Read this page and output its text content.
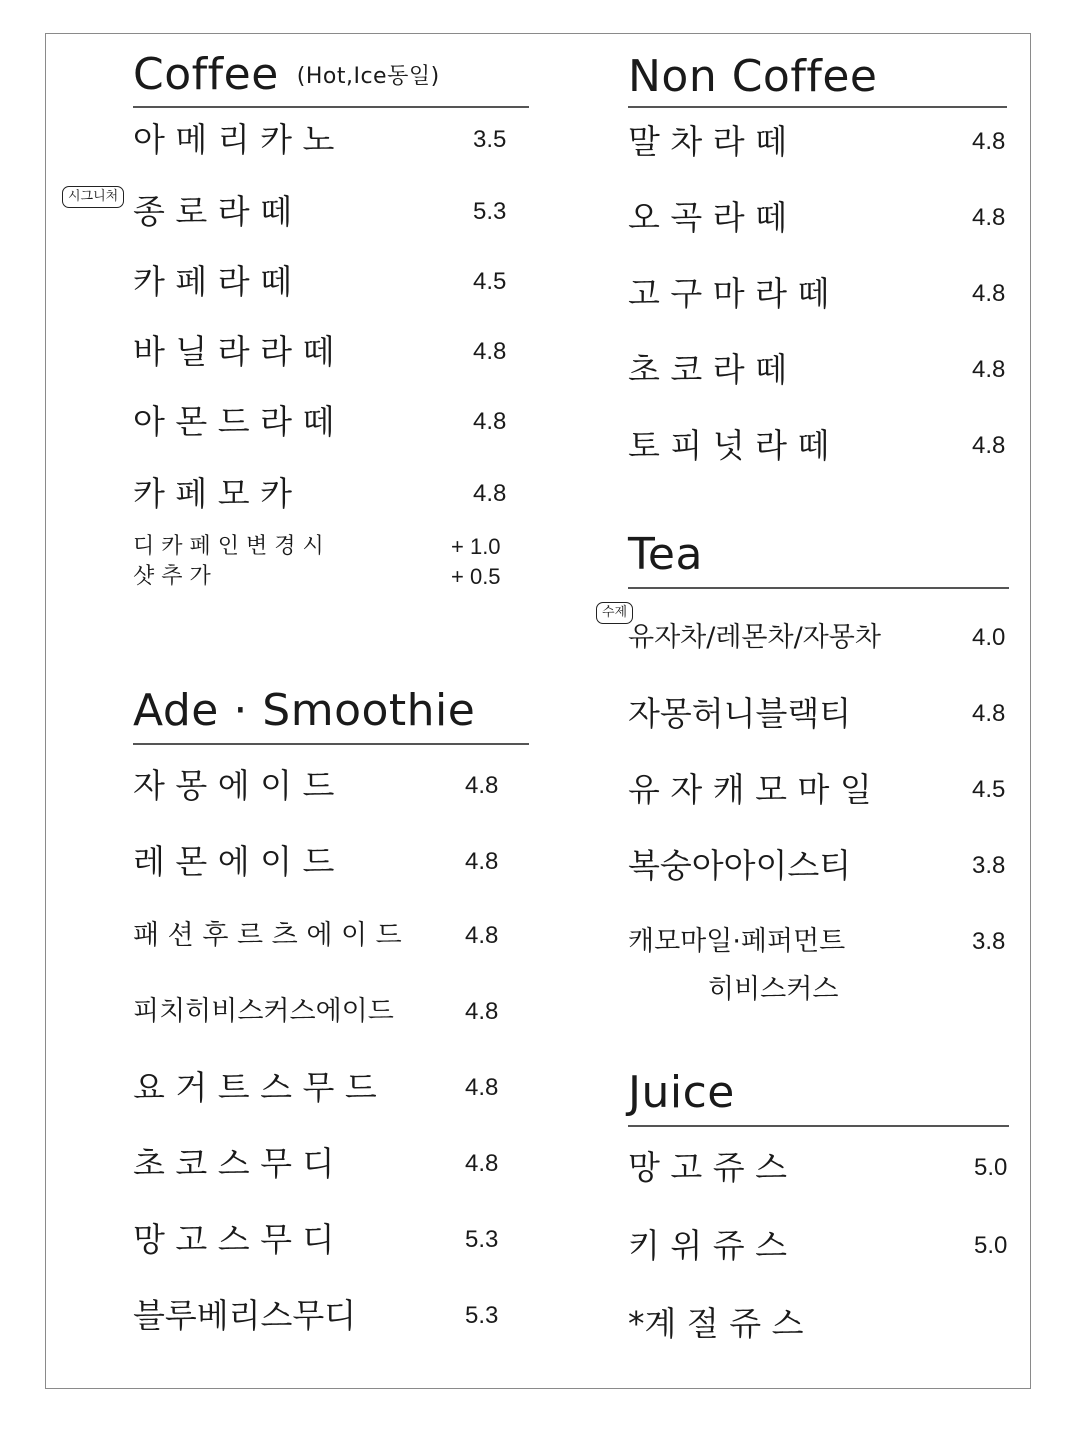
Coffee (Hot,Ice동일)
아 메 리 카 노	3.5
종 로 라 떼	5.3
카 페 라 떼	4.5
바 닐 라 라 떼	4.8
아 몬 드 라 떼	4.8
카 페 모 카	4.8
디 카 페 인 변 경 시	+ 1.0
샷 추 가	+ 0.5
Ade · Smoothie
자 몽 에 이 드	4.8
레 몬 에 이 드	4.8
패 션 후 르 츠 에 이 드	4.8
피치히비스커스에이드	4.8
요 거 트 스 무 드	4.8
초 코 스 무 디	4.8
망 고 스 무 디	5.3
블루베리스무디	5.3
시그니처
Non Coffee
말 차 라 떼	4.8
오 곡 라 떼	4.8
고 구 마 라 떼	4.8
초 코 라 떼	4.8
토 피 넛 라 떼	4.8
Tea
유자차/레몬차/자몽차	4.0
자몽허니블랙티	4.8
유 자 캐 모 마 일	4.5
복숭아아이스티	3.8
캐모마일·페퍼먼트	3.8
히비스커스
Juice
망 고 쥬 스	5.0
키 위 쥬 스	5.0
*계 절 쥬 스
수제
